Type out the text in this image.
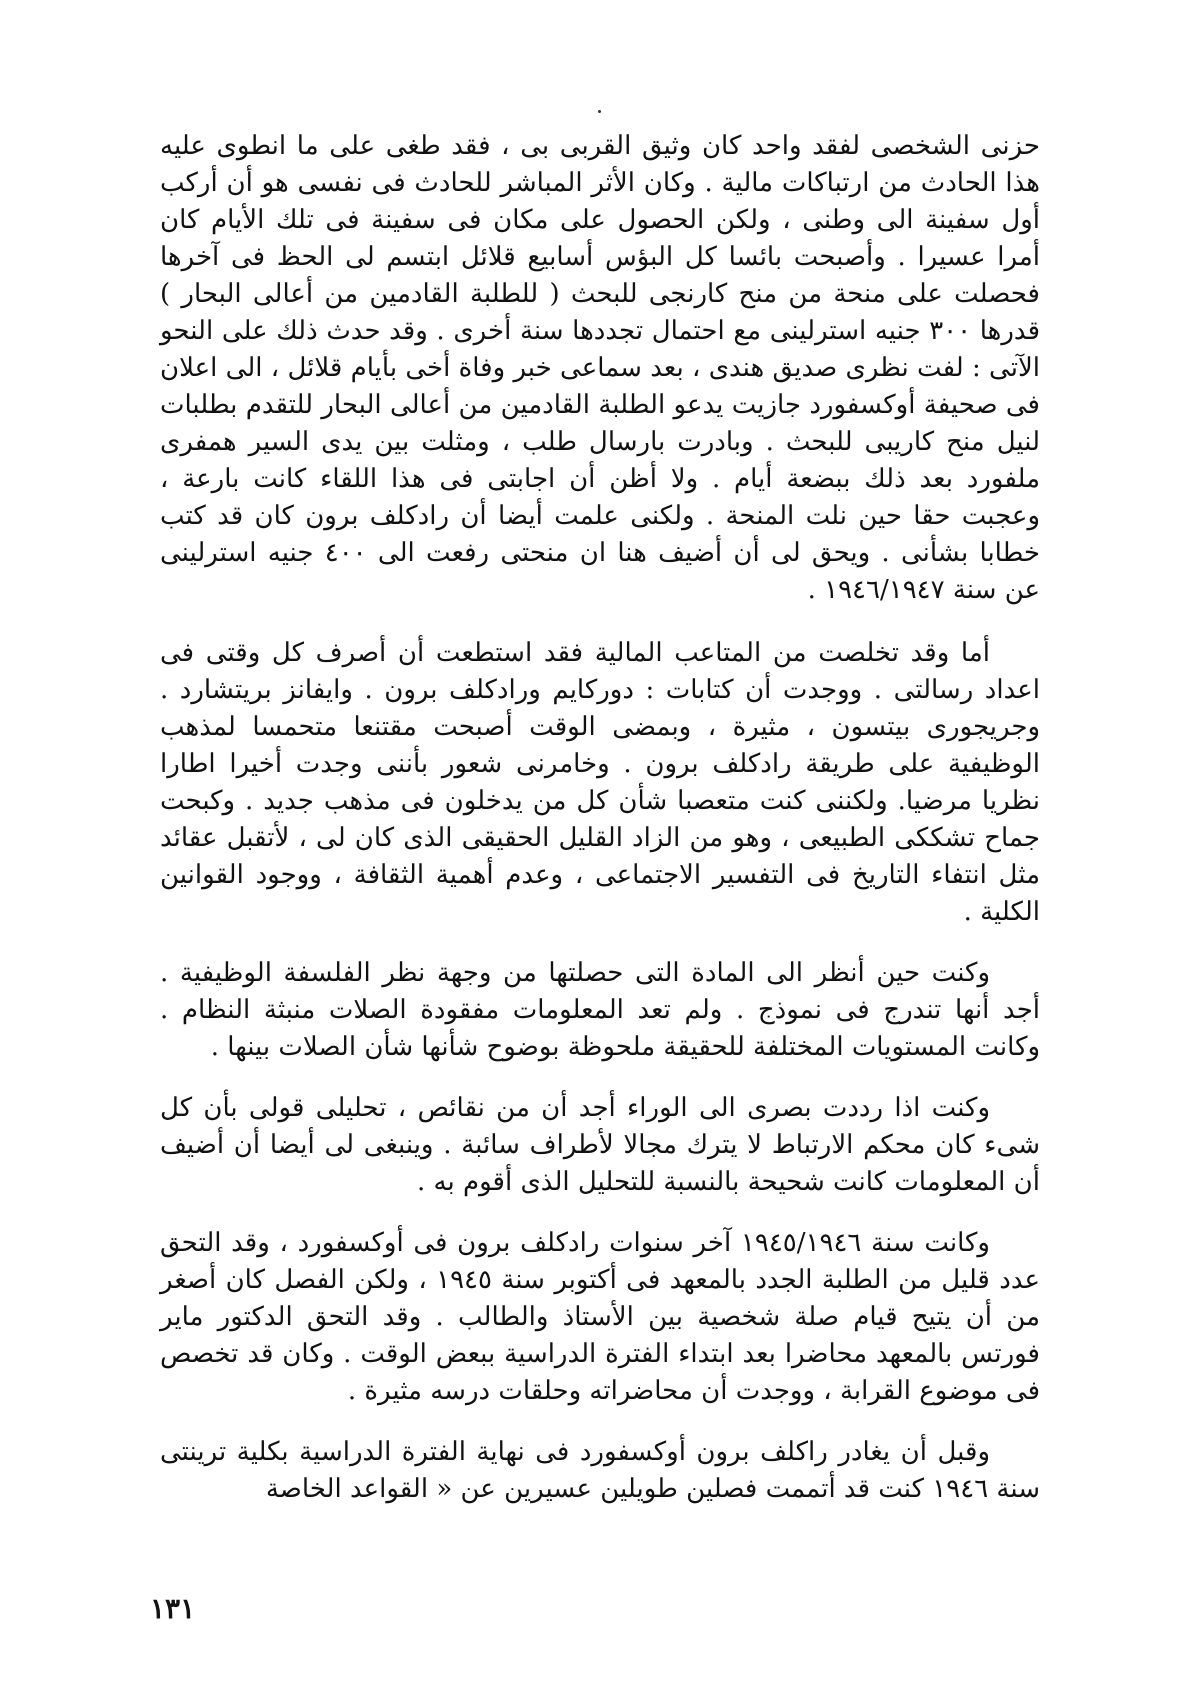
حزنى الشخصى لفقد واحد كان وثيق القربى بى ، فقد طغى على ما انطوى عليه هذا الحادث من ارتباكات مالية . وكان الأثر المباشر للحادث فى نفسى هو أن أركب أول سفينة الى وطنى ، ولكن الحصول على مكان فى سفينة فى تلك الأيام كان أمرا عسيرا . وأصبحت بائسا كل البؤس أسابيع قلائل ابتسم لى الحظ فى آخرها فحصلت على منحة من منح كارنجى للبحث ( للطلبة القادمين من أعالى البحار ) قدرها ٣٠٠ جنيه استرلينى مع احتمال تجددها سنة أخرى . وقد حدث ذلك على النحو الآتى : لفت نظرى صديق هندى ، بعد سماعى خبر وفاة أخى بأيام قلائل ، الى اعلان فى صحيفة أوكسفورد جازيت يدعو الطلبة القادمين من أعالى البحار للتقدم بطلبات لنيل منح كاريبى للبحث . وبادرت بارسال طلب ، ومثلت بين يدى السير همفرى ملفورد بعد ذلك ببضعة أيام . ولا أظن أن اجابتى فى هذا اللقاء كانت بارعة ، وعجبت حقا حين نلت المنحة . ولكنى علمت أيضا أن رادكلف برون كان قد كتب خطابا بشأنى . ويحق لى أن أضيف هنا ان منحتى رفعت الى ٤٠٠ جنيه استرلينى عن سنة ١٩٤٦/١٩٤٧ .

أما وقد تخلصت من المتاعب المالية فقد استطعت أن أصرف كل وقتى فى اعداد رسالتى . ووجدت أن كتابات : دوركايم ورادكلف برون . وايفانز بريتشارد . وجريجورى بيتسون ، مثيرة ، وبمضى الوقت أصبحت مقتنعا متحمسا لمذهب الوظيفية على طريقة رادكلف برون . وخامرنى شعور بأننى وجدت أخيرا اطارا نظريا مرضيا. ولكننى كنت متعصبا شأن كل من يدخلون فى مذهب جديد . وكبحت جماح تشككى الطبيعى ، وهو من الزاد القليل الحقيقى الذى كان لى ، لأتقبل عقائد مثل انتفاء التاريخ فى التفسير الاجتماعى ، وعدم أهمية الثقافة ، ووجود القوانين الكلية .

وكنت حين أنظر الى المادة التى حصلتها من وجهة نظر الفلسفة الوظيفية . أجد أنها تندرج فى نموذج . ولم تعد المعلومات مفقودة الصلات منبثة النظام . وكانت المستويات المختلفة للحقيقة ملحوظة بوضوح شأنها شأن الصلات بينها .

وكنت اذا رددت بصرى الى الوراء أجد أن من نقائص ، تحليلى قولى بأن كل شىء كان محكم الارتباط لا يترك مجالا لأطراف سائبة . وينبغى لى أيضا أن أضيف أن المعلومات كانت شحيحة بالنسبة للتحليل الذى أقوم به .

وكانت سنة ١٩٤٥/١٩٤٦ آخر سنوات رادكلف برون فى أوكسفورد ، وقد التحق عدد قليل من الطلبة الجدد بالمعهد فى أكتوبر سنة ١٩٤٥ ، ولكن الفصل كان أصغر من أن يتيح قيام صلة شخصية بين الأستاذ والطالب . وقد التحق الدكتور ماير فورتس بالمعهد محاضرا بعد ابتداء الفترة الدراسية ببعض الوقت . وكان قد تخصص فى موضوع القرابة ، ووجدت أن محاضراته وحلقات درسه مثيرة .

وقبل أن يغادر راكلف برون أوكسفورد فى نهاية الفترة الدراسية بكلية ترينتى سنة ١٩٤٦ كنت قد أتممت فصلين طويلين عسيرين عن « القواعد الخاصة

١٣١
